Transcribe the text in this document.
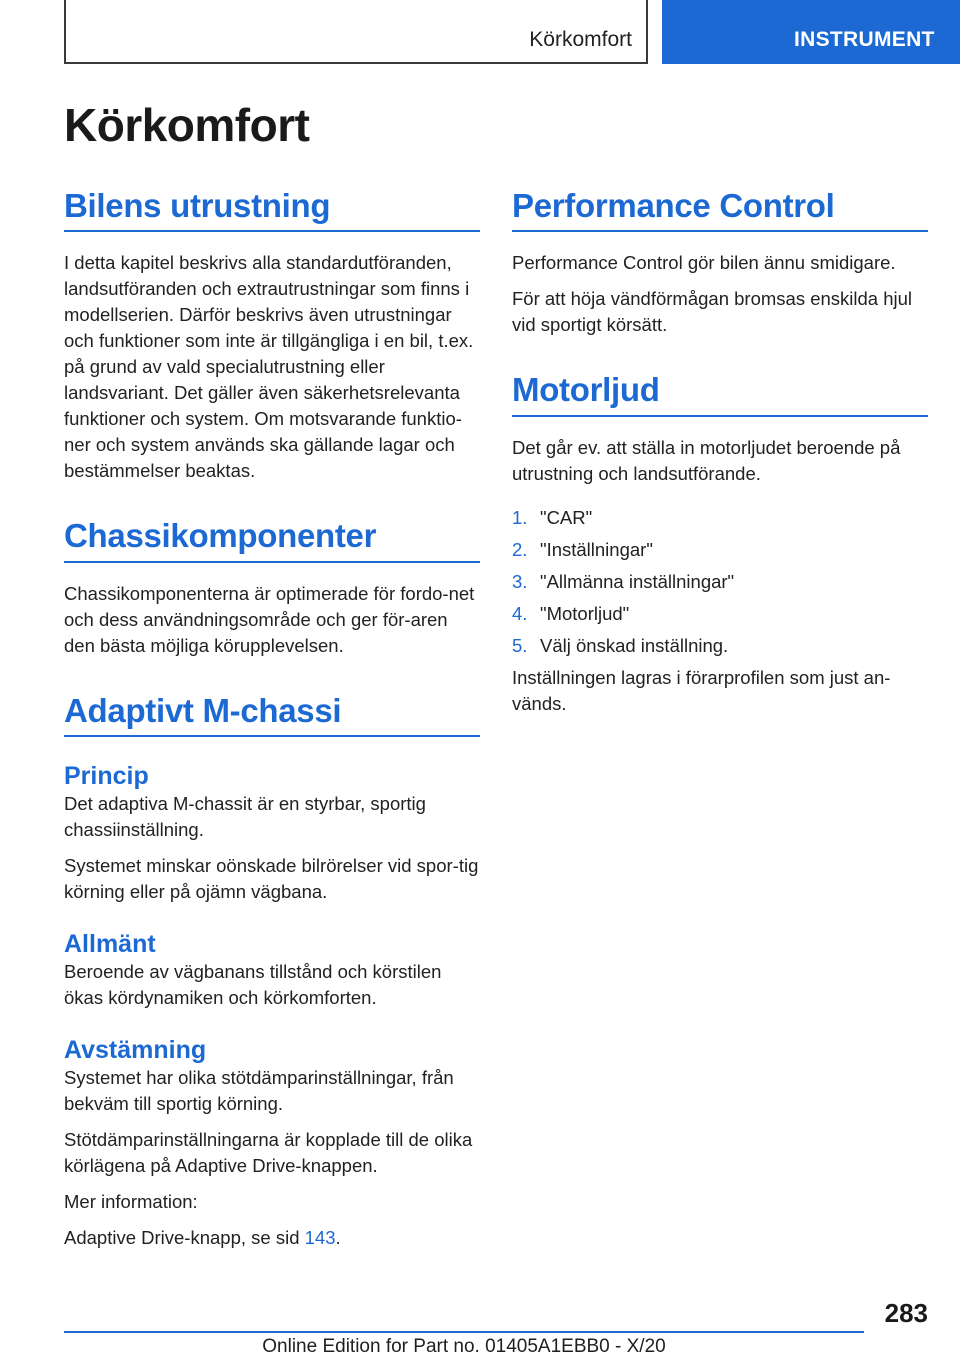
Körkomfort	INSTRUMENT
Körkomfort
Bilens utrustning

I detta kapitel beskrivs alla standardutföranden, landsutföranden och extrautrustningar som finns i modellserien. Därför beskrivs även utrustningar och funktioner som inte är tillgängliga i en bil, t.ex. på grund av vald specialutrustning eller landsvariant. Det gäller även säkerhetsrelevanta funktioner och system. Om motsvarande funktio-ner och system används ska gällande lagar och bestämmelser beaktas.

Chassikomponenter

Chassikomponenterna är optimerade för fordo-net och dess användningsområde och ger för-aren den bästa möjliga körupplevelsen.

Adaptivt M-chassi
Princip

Det adaptiva M-chassit är en styrbar, sportig chassiinställning.

Systemet minskar oönskade bilrörelser vid spor-tig körning eller på ojämn vägbana.

Allmänt

Beroende av vägbanans tillstånd och körstilen ökas kördynamiken och körkomforten.

Avstämning

Systemet har olika stötdämparinställningar, från bekväm till sportig körning.

Stötdämparinställningarna är kopplade till de olika körlägena på Adaptive Drive-knappen.

Mer information:

Adaptive Drive-knapp, se sid 143.

Performance Control

Performance Control gör bilen ännu smidigare.

För att höja vändförmågan bromsas enskilda hjul vid sportigt körsätt.

Motorljud

Det går ev. att ställa in motorljudet beroende på utrustning och landsutförande.

1. "CAR"
2. "Inställningar"
3. "Allmänna inställningar"
4. "Motorljud"
5. Välj önskad inställning.

Inställningen lagras i förarprofilen som just an-vänds.

283
Online Edition for Part no. 01405A1EBB0 - X/20
